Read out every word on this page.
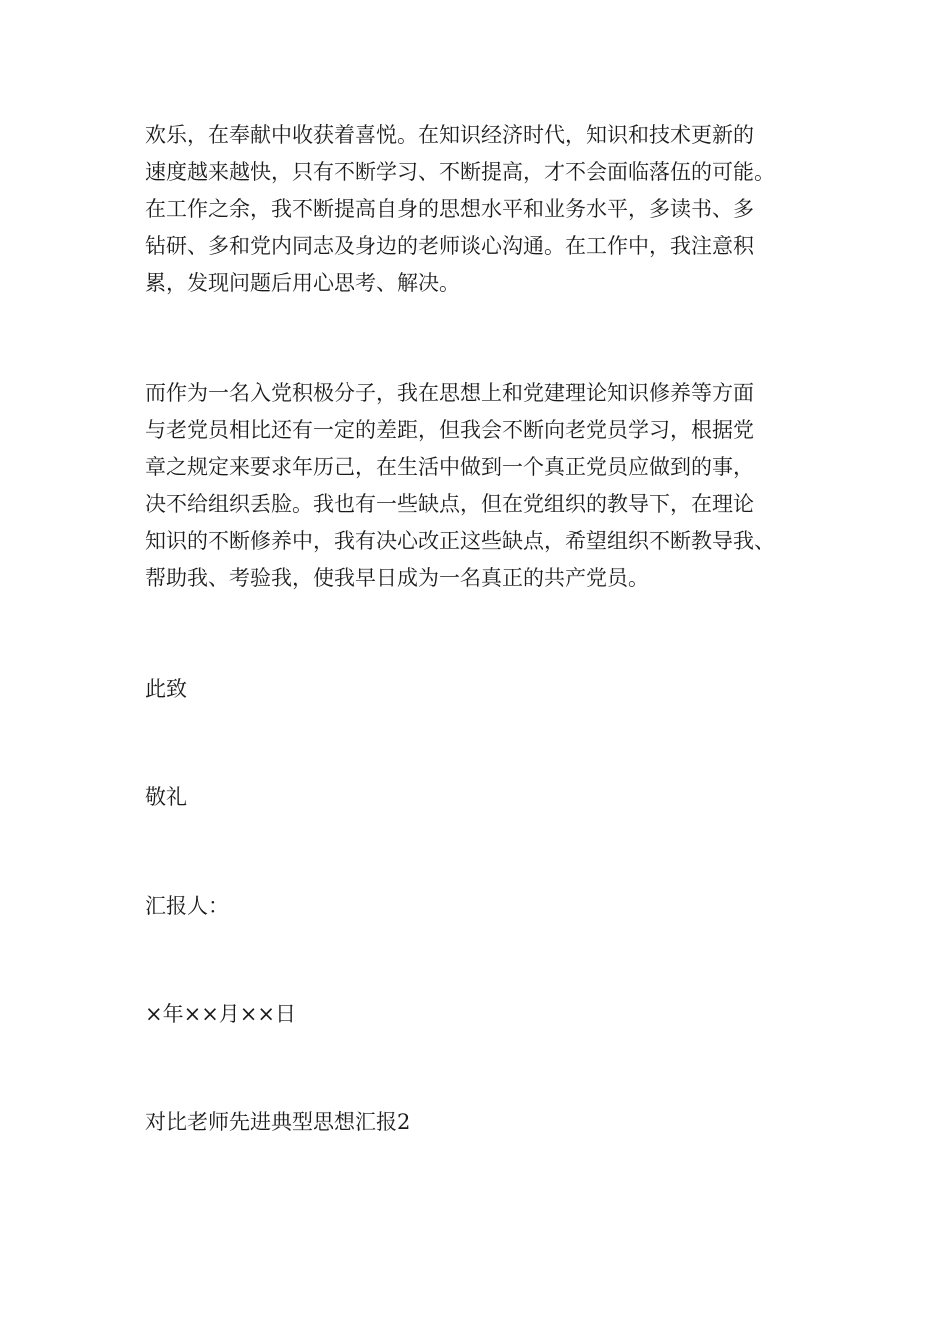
欢乐，在奉献中收获着喜悦。在知识经济时代，知识和技术更新的
速度越来越快，只有不断学习、不断提高，才不会面临落伍的可能。
在工作之余，我不断提高自身的思想水平和业务水平，多读书、多
钻研、多和党内同志及身边的老师谈心沟通。在工作中，我注意积
累，发现问题后用心思考、解决。
而作为一名入党积极分子，我在思想上和党建理论知识修养等方面
与老党员相比还有一定的差距，但我会不断向老党员学习，根据党
章之规定来要求年历己，在生活中做到一个真正党员应做到的事，
决不给组织丢脸。我也有一些缺点，但在党组织的教导下，在理论
知识的不断修养中，我有决心改正这些缺点，希望组织不断教导我、
帮助我、考验我，使我早日成为一名真正的共产党员。
此致
敬礼
汇报人：
×年××月××日
对比老师先进典型思想汇报2
